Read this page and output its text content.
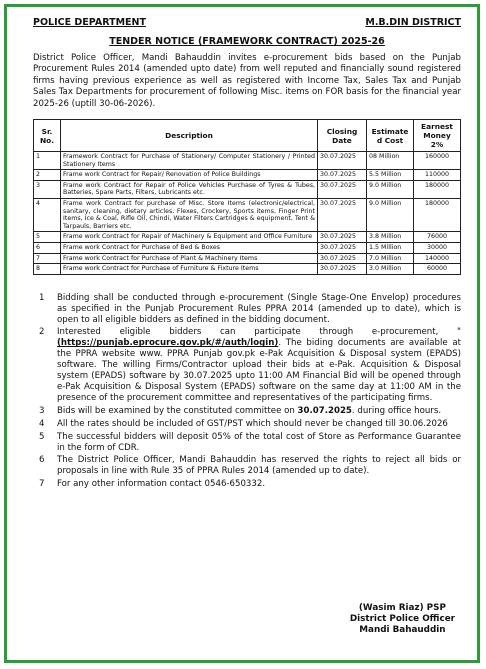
POLICE DEPARTMENT	M.B.DIN DISTRICT
TENDER NOTICE (FRAMEWORK CONTRACT) 2025-26
District Police Officer, Mandi Bahauddin invites e-procurement bids based on the Punjab Procurement Rules 2014 (amended upto date) from well reputed and financially sound registered firms having previous experience as well as registered with Income Tax, Sales Tax and Punjab Sales Tax Departments for procurement of following Misc. items on FOR basis for the financial year 2025-26 (uptill 30-06-2026).
Sr. No.	Description	Closing Date	Estimate d Cost	Earnest Money 2%
1	Framework Contract for Purchase of Stationery/ Computer Stationery / Printed Stationery Items	30.07.2025	08 Million	160000
2	Frame work Contract for Repair/ Renovation of Police Buildings	30.07.2025	5.5 Million	110000
3	Frame work Contract for Repair of Police Vehicles Purchase of Tyres & Tubes, Batteries, Spare Parts, Filters, Lubricants etc.	30.07.2025	9.0 Million	180000
4	Frame work Contract for purchase of Misc. Store Items (electronic/electrical, sanitary, cleaning, dietary articles, Flexes, Crockery, Sports items, Finger Print Items, Ice & Coal, Rifle Oil, Chindi, Water Filters Cartridges & equipment, Tent & Tarpauls, Barriers etc.	30.07.2025	9.0 Million	180000
5	Frame work Contract for Repair of Machinery & Equipment and Office Furniture	30.07.2025	3.8 Million	76000
6	Frame work Contract for Purchase of Bed & Boxes	30.07.2025	1.5 Million	30000
7	Frame work Contract for Purchase of Plant & Machinery Items	30.07.2025	7.0 Million	140000
8	Frame work Contract for Purchase of Furniture & Fixture Items	30.07.2025	3.0 Million	60000
1	Bidding shall be conducted through e-procurement (Single Stage-One Envelop) procedures as specified in the Punjab Procurement Rules PPRA 2014 (amended up to date), which is open to all eligible bidders as defined in the bidding document.
2	Interested eligible bidders can participate through e-procurement, "(https://punjab.eprocure.gov.pk/#/auth/login). The biding documents are available at the PPRA website www. PPRA Punjab gov.pk e-Pak Acquisition & Disposal system (EPADS) software. The willing Firms/Contractor upload their bids at e-Pak. Acquisition & Disposal system (EPADS) software by 30.07.2025 upto 11:00 AM Financial Bid will be opened through e-Pak Acquisition & Disposal System (EPADS) software on the same day at 11:00 AM in the presence of the procurement committee and representatives of the participating firms.
3	Bids will be examined by the constituted committee on 30.07.2025. during office hours.
4	All the rates should be included of GST/PST which should never be changed till 30.06.2026
5	The successful bidders will deposit 05% of the total cost of Store as Performance Guarantee in the form of CDR.
6	The District Police Officer, Mandi Bahauddin has reserved the rights to reject all bids or proposals in line with Rule 35 of PPRA Rules 2014 (amended up to date).
7	For any other information contact 0546-650332.
(Wasim Riaz) PSP
District Police Officer
Mandi Bahauddin
